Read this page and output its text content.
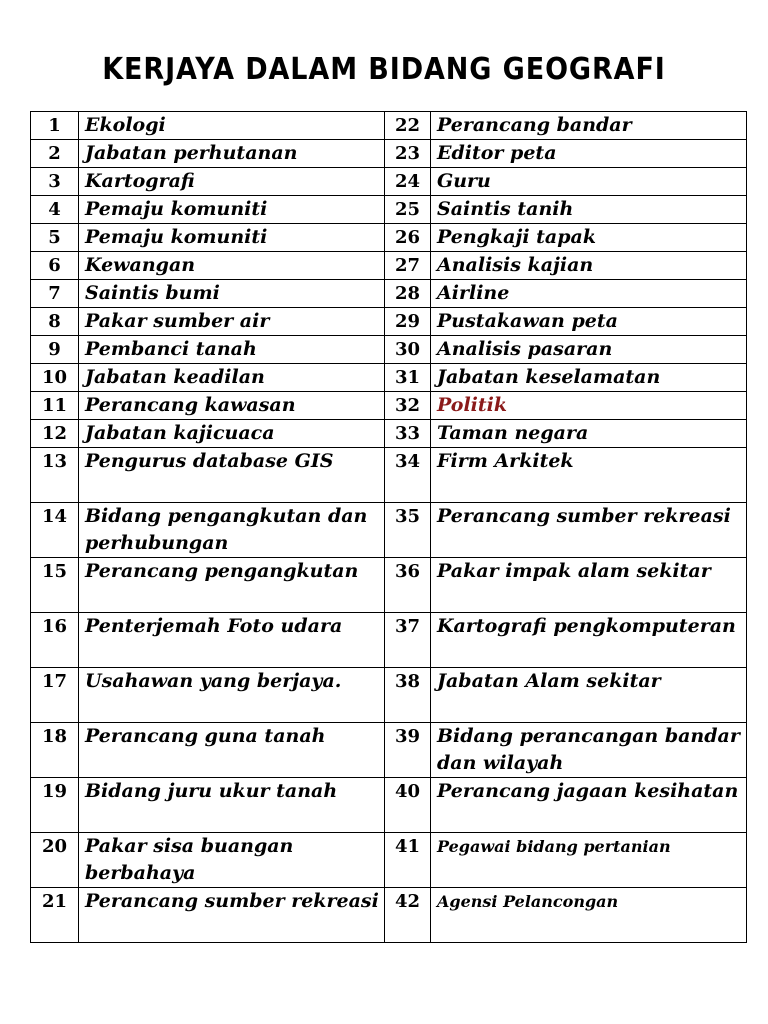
KERJAYA DALAM BIDANG GEOGRAFI
1	Ekologi	22	Perancang bandar
2	Jabatan perhutanan	23	Editor peta
3	Kartografi	24	Guru
4	Pemaju komuniti	25	Saintis tanih
5	Pemaju komuniti	26	Pengkaji tapak
6	Kewangan	27	Analisis kajian
7	Saintis bumi	28	Airline
8	Pakar sumber air	29	Pustakawan peta
9	Pembanci tanah	30	Analisis pasaran
10	Jabatan keadilan	31	Jabatan keselamatan
11	Perancang kawasan	32	Politik
12	Jabatan kajicuaca	33	Taman negara
13	Pengurus database GIS	34	Firm Arkitek
14	Bidang pengangkutan dan perhubungan	35	Perancang sumber rekreasi
15	Perancang pengangkutan	36	Pakar impak alam sekitar
16	Penterjemah Foto udara	37	Kartografi pengkomputeran
17	Usahawan yang berjaya.	38	Jabatan Alam sekitar
18	Perancang guna tanah	39	Bidang perancangan bandar dan wilayah
19	Bidang juru ukur tanah	40	Perancang jagaan kesihatan
20	Pakar sisa buangan berbahaya	41	Pegawai bidang pertanian
21	Perancang sumber rekreasi	42	Agensi Pelancongan
